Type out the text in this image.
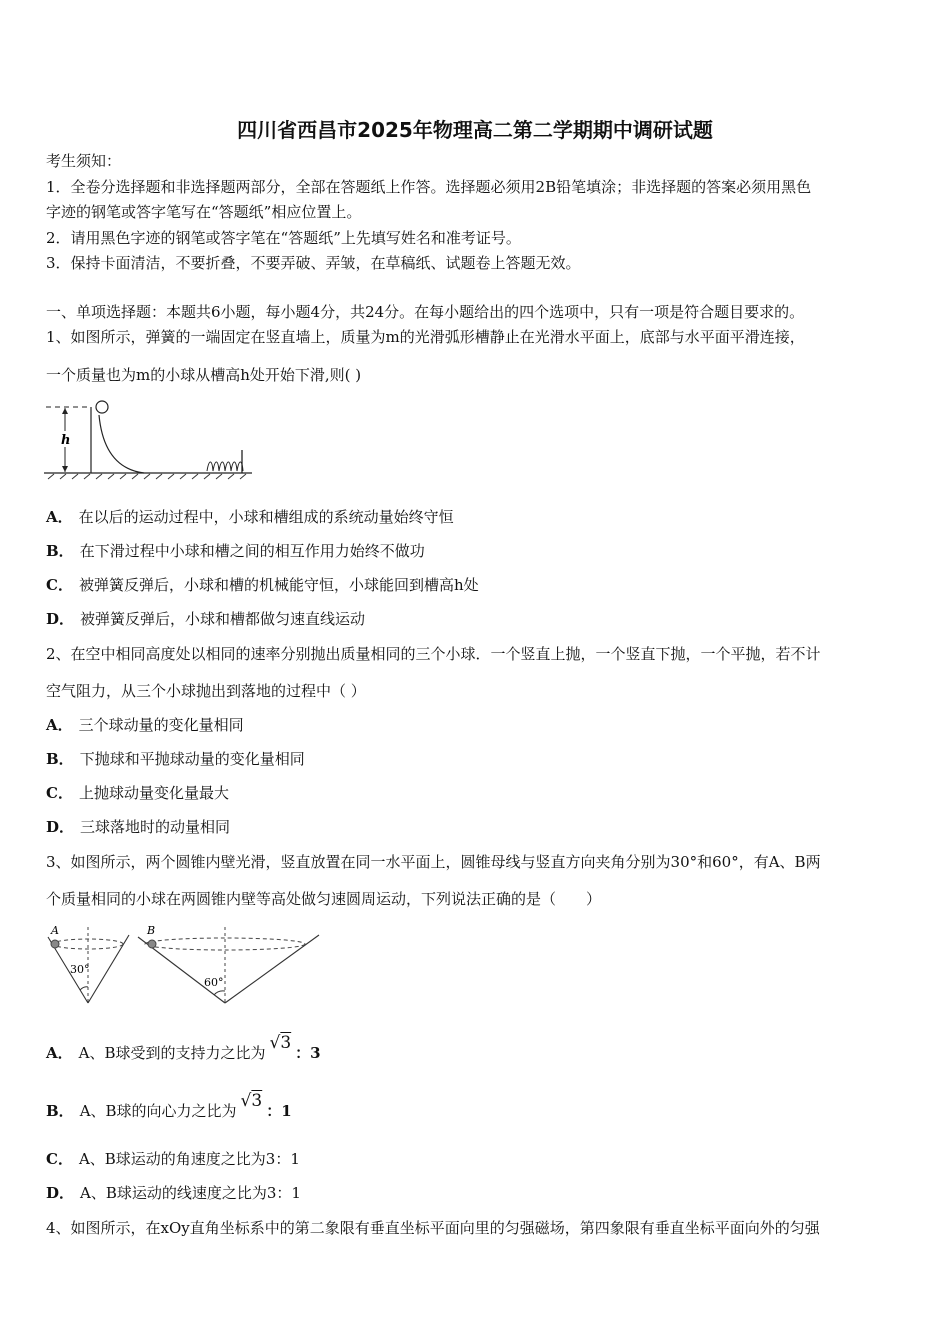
四川省西昌市2025年物理高二第二学期期中调研试题
考生须知：
1．全卷分选择题和非选择题两部分，全部在答题纸上作答。选择题必须用2B铅笔填涂；非选择题的答案必须用黑色
字迹的钢笔或答字笔写在“答题纸”相应位置上。
2．请用黑色字迹的钢笔或答字笔在“答题纸”上先填写姓名和准考证号。
3．保持卡面清洁，不要折叠，不要弄破、弄皱，在草稿纸、试题卷上答题无效。
一、单项选择题：本题共6小题，每小题4分，共24分。在每小题给出的四个选项中，只有一项是符合题目要求的。
1、如图所示，弹簧的一端固定在竖直墙上，质量为m的光滑弧形槽静止在光滑水平面上，底部与水平面平滑连接，
一个质量也为m的小球从槽高h处开始下滑,则( )
h
A． 在以后的运动过程中，小球和槽组成的系统动量始终守恒
B． 在下滑过程中小球和槽之间的相互作用力始终不做功
C． 被弹簧反弹后，小球和槽的机械能守恒，小球能回到槽高h处
D． 被弹簧反弹后，小球和槽都做匀速直线运动
2、在空中相同高度处以相同的速率分别抛出质量相同的三个小球．一个竖直上抛，一个竖直下抛，一个平抛，若不计
空气阻力，从三个小球抛出到落地的过程中（ ）
A． 三个球动量的变化量相同
B． 下抛球和平抛球动量的变化量相同
C． 上抛球动量变化量最大
D． 三球落地时的动量相同
3、如图所示，两个圆锥内壁光滑，竖直放置在同一水平面上，圆锥母线与竖直方向夹角分别为30°和60°，有A、B两
个质量相同的小球在两圆锥内壁等高处做匀速圆周运动，下列说法正确的是（　　）
A
30°
B
60°
A． A、B球受到的支持力之比为 √3 ：3
B． A、B球的向心力之比为 √3 ：1
C． A、B球运动的角速度之比为3：1
D． A、B球运动的线速度之比为3：1
4、如图所示，在xOy直角坐标系中的第二象限有垂直坐标平面向里的匀强磁场，第四象限有垂直坐标平面向外的匀强
